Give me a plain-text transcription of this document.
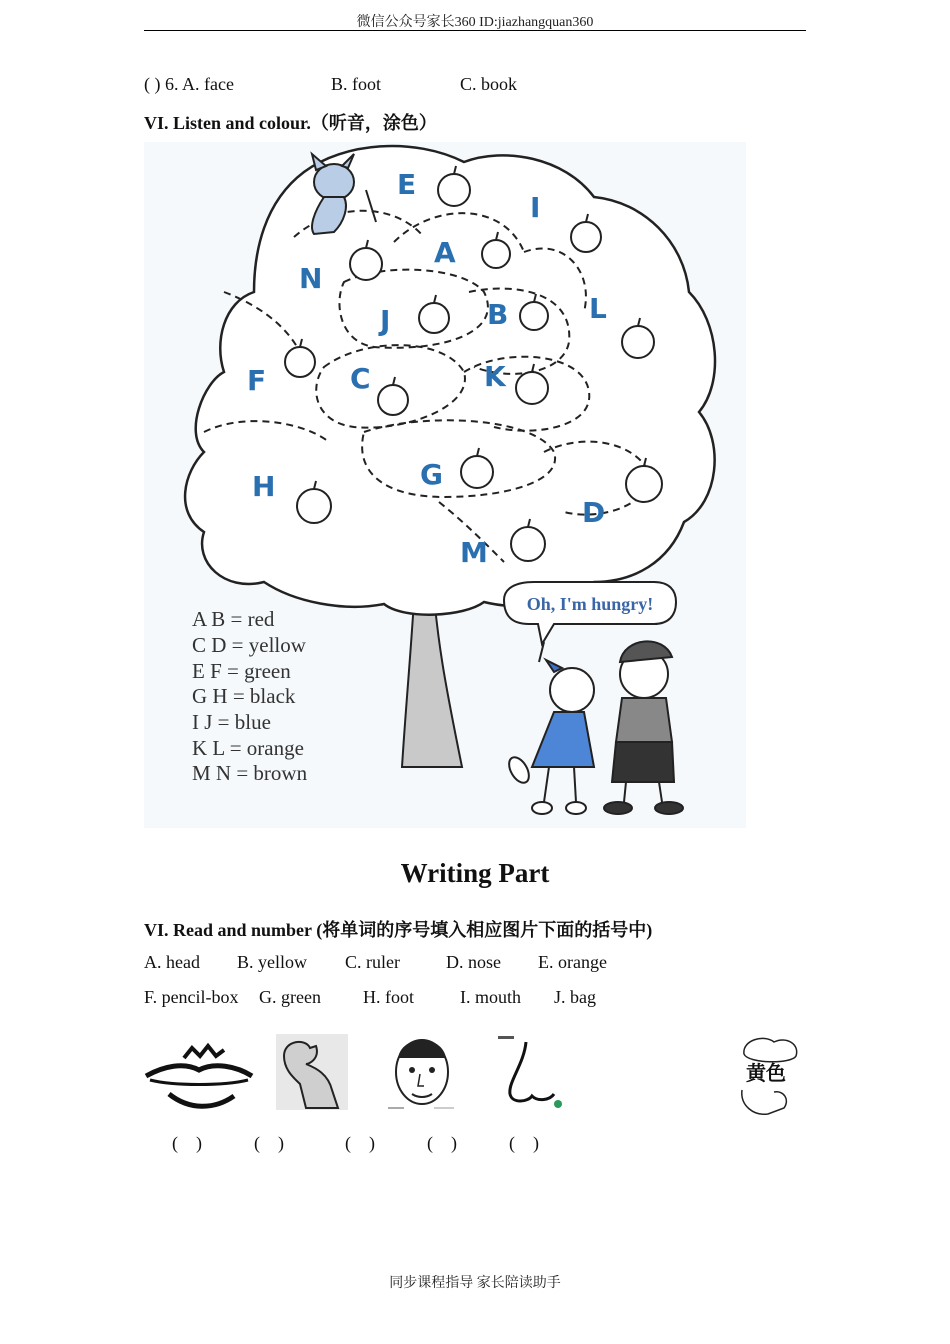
微信公众号家长360 ID:jiazhangquan360
( ) 6. A. face	B. foot	C. book
VI. Listen and colour.（听音，涂色）
E
I
A
N
J	B	L
F	C	K
H	G
D
M
A B = red
C D = yellow
E F = green
G H = black
I J = blue
K L = orange
M N = brown
Oh, I'm hungry!
Writing Part
VI. Read and number (将单词的序号填入相应图片下面的括号中)
A. head B. yellow C. ruler	D. nose E. orange
F. pencil-box G. green H. foot	I. mouth J. bag
黄色
(    )	(    )	(    )	(    )	(    )
同步课程指导 家长陪读助手
